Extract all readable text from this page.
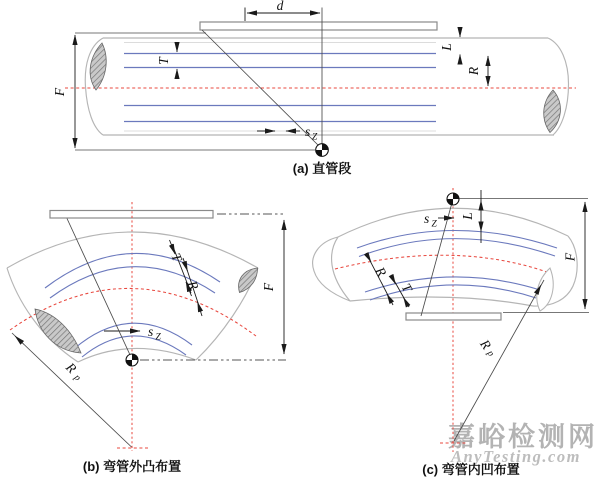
嘉峪检测网
AnyTesting.com
d
F
T
L
R
s Z
(a) 直管段
T
R
s Z
F
R
p
(b) 弯管外凸布置
s Z
L
R
T
F
R
p
(c) 弯管内凹布置
